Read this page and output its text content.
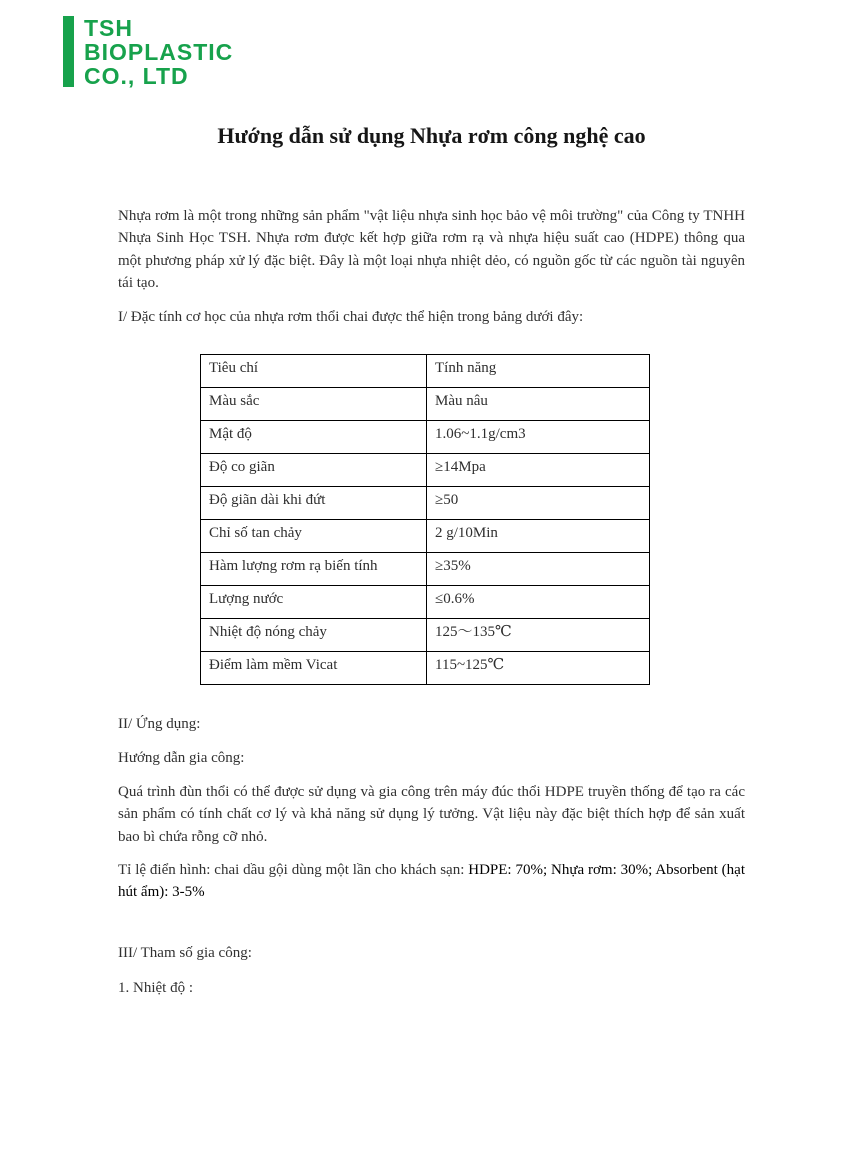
TSH
BIOPLASTIC
CO., LTD
Hướng dẫn sử dụng Nhựa rơm công nghệ cao

Nhựa rơm là một trong những sản phẩm "vật liệu nhựa sinh học bảo vệ môi trường" của Công ty TNHH Nhựa Sinh Học TSH. Nhựa rơm được kết hợp giữa rơm rạ và nhựa hiệu suất cao (HDPE) thông qua một phương pháp xử lý đặc biệt. Đây là một loại nhựa nhiệt dẻo, có nguồn gốc từ các nguồn tài nguyên tái tạo.

I/ Đặc tính cơ học của nhựa rơm thổi chai được thể hiện trong bảng dưới đây:

Tiêu chí	Tính năng
Màu sắc	Màu nâu
Mật độ	1.06~1.1g/cm3
Độ co giãn	≥14Mpa
Độ giãn dài khi đứt	≥50
Chỉ số tan chảy	2 g/10Min
Hàm lượng rơm rạ biến tính	≥35%
Lượng nước	≤0.6%
Nhiệt độ nóng chảy	125～135℃
Điểm làm mềm Vicat	115~125℃

II/ Ứng dụng:

Hướng dẫn gia công:

Quá trình đùn thổi có thể được sử dụng và gia công trên máy đúc thổi HDPE truyền thống để tạo ra các sản phẩm có tính chất cơ lý và khả năng sử dụng lý tưởng. Vật liệu này đặc biệt thích hợp để sản xuất bao bì chứa rỗng cỡ nhỏ.

Tỉ lệ điển hình: chai dầu gội dùng một lần cho khách sạn: HDPE: 70%; Nhựa rơm: 30%; Absorbent (hạt hút ẩm): 3-5%

III/ Tham số gia công:

1. Nhiệt độ :
